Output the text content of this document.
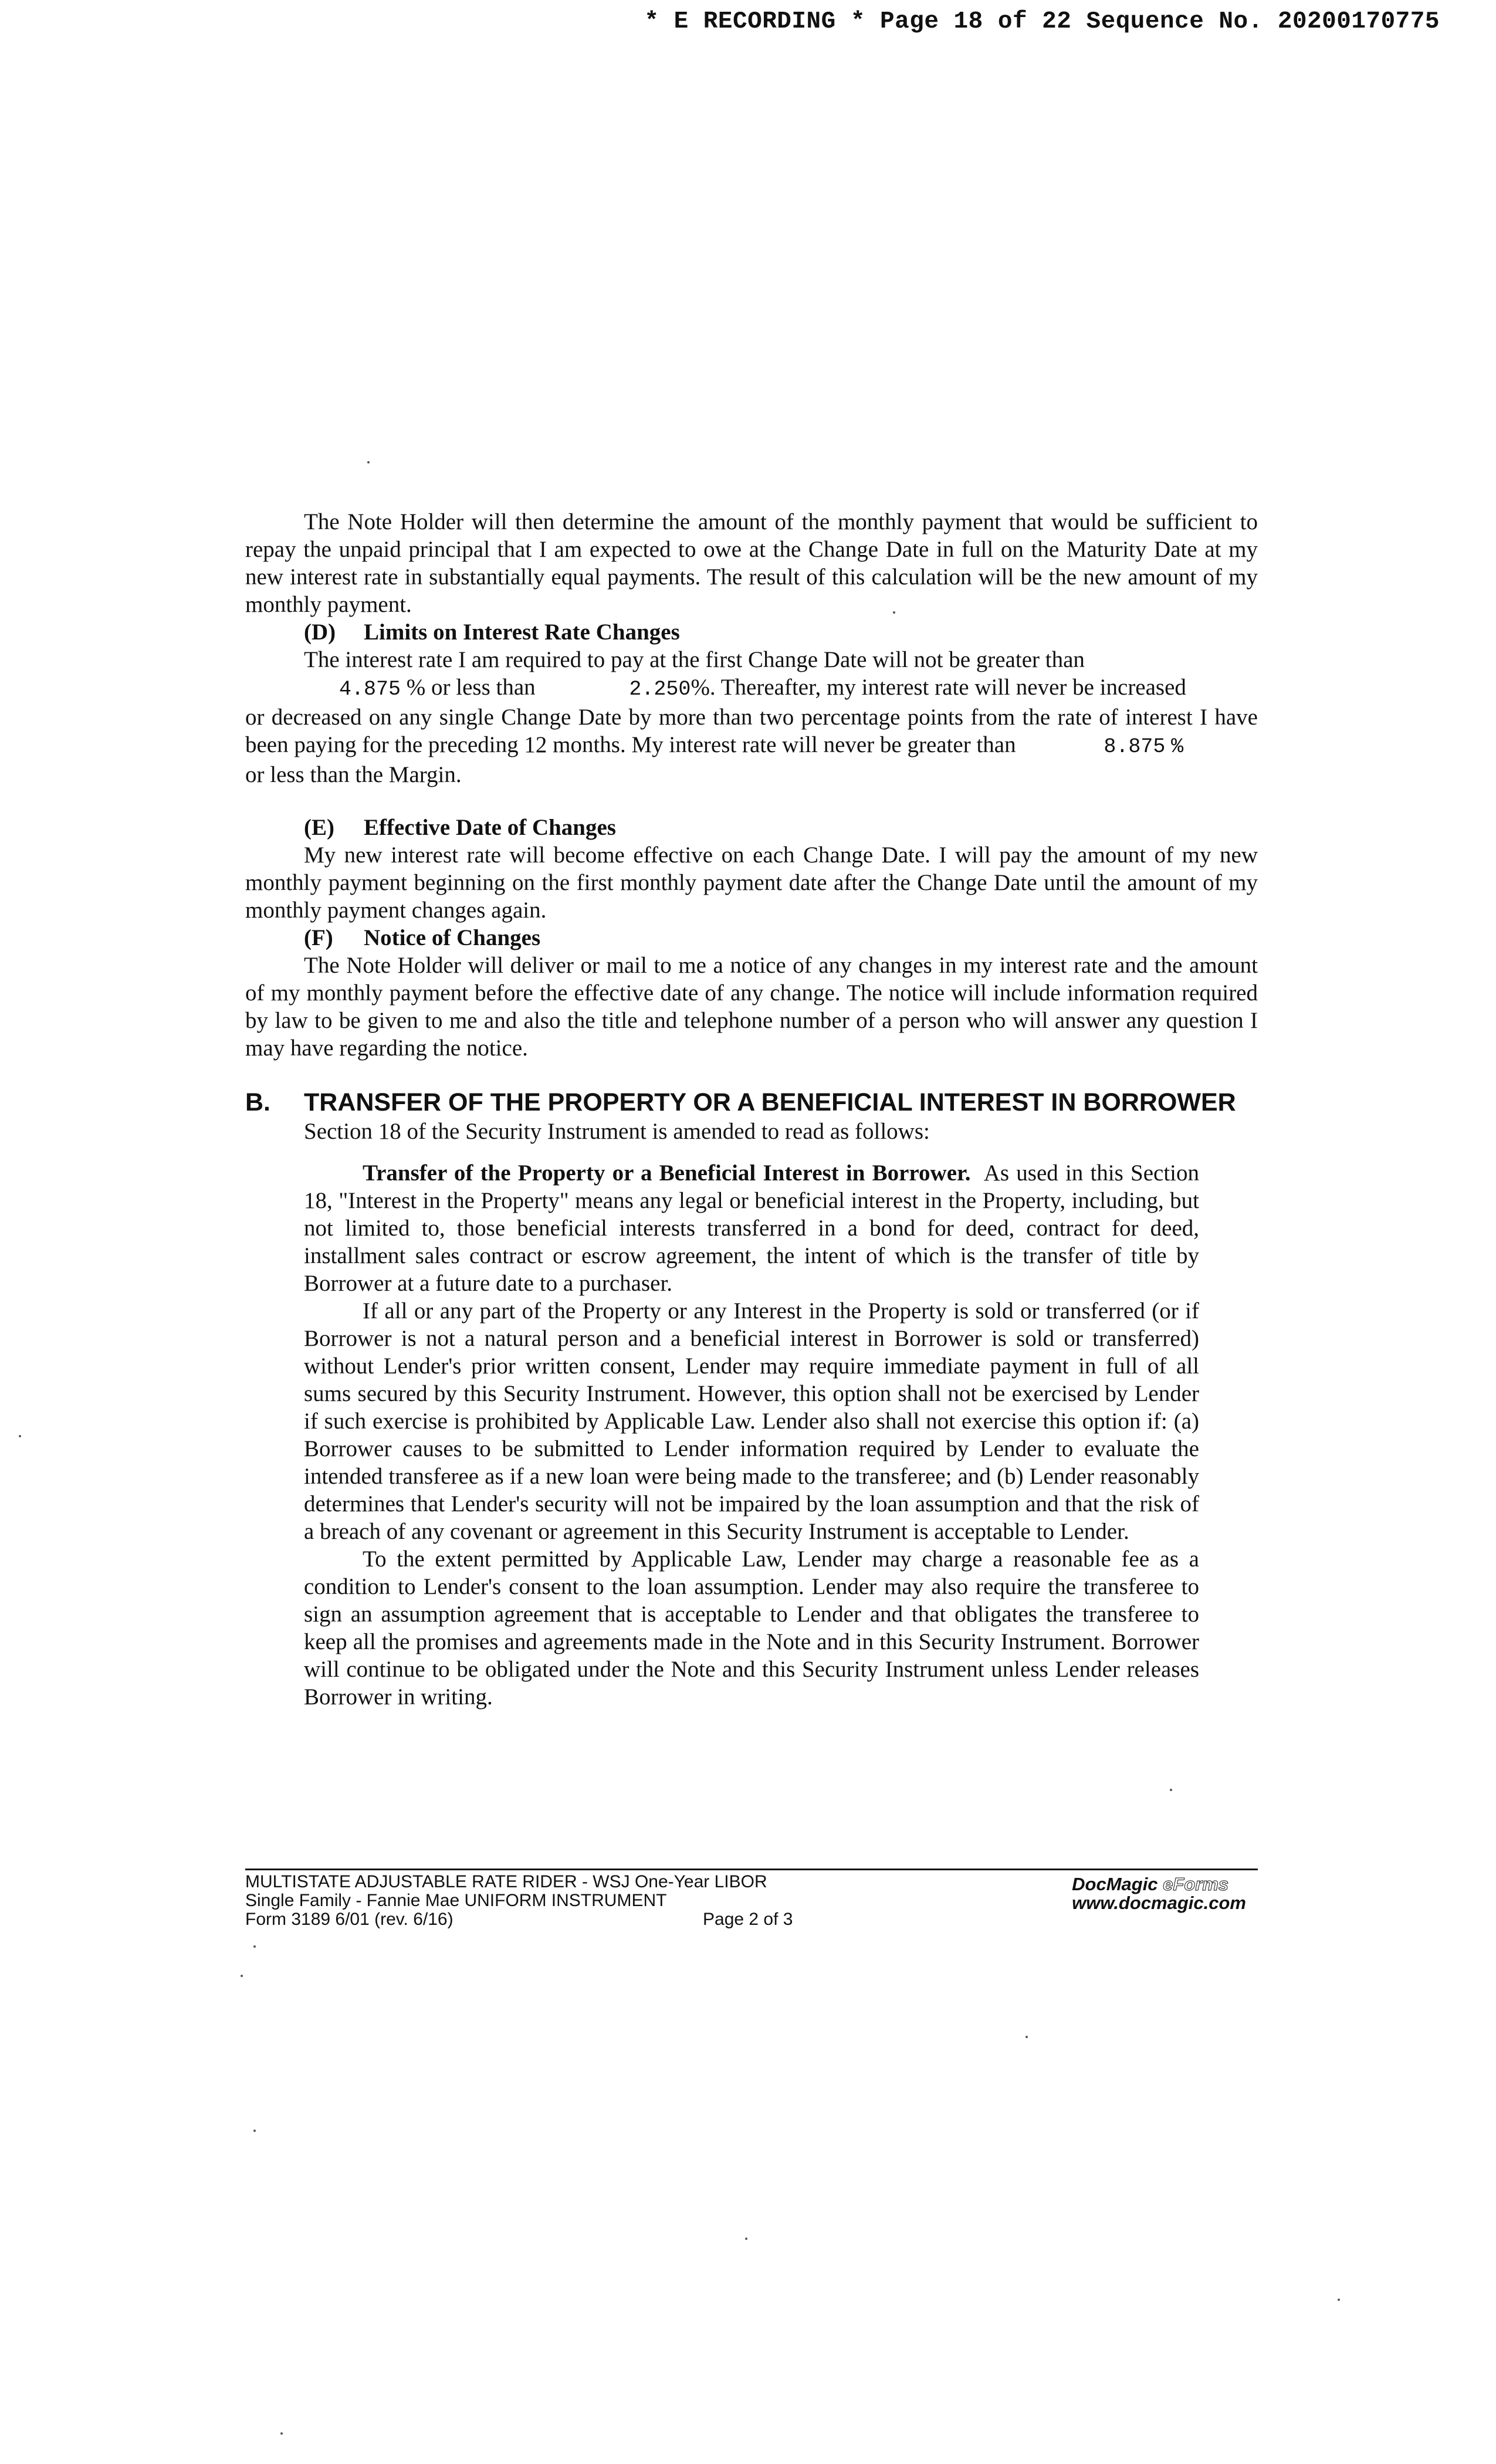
* E RECORDING * Page 18 of 22 Sequence No. 20200170775

The Note Holder will then determine the amount of the monthly payment that would be sufficient to repay the unpaid principal that I am expected to owe at the Change Date in full on the Maturity Date at my new interest rate in substantially equal payments. The result of this calculation will be the new amount of my monthly payment.

(D) Limits on Interest Rate Changes

The interest rate I am required to pay at the first Change Date will not be greater than

4.875 % or less than	2.250%. Thereafter, my interest rate will never be increased

or decreased on any single Change Date by more than two percentage points from the rate of interest I have been paying for the preceding 12 months. My interest rate will never be greater than	8.875 %

or less than the Margin.

(E) Effective Date of Changes

My new interest rate will become effective on each Change Date. I will pay the amount of my new monthly payment beginning on the first monthly payment date after the Change Date until the amount of my monthly payment changes again.

(F) Notice of Changes

The Note Holder will deliver or mail to me a notice of any changes in my interest rate and the amount of my monthly payment before the effective date of any change. The notice will include information required by law to be given to me and also the title and telephone number of a person who will answer any question I may have regarding the notice.

B.	TRANSFER OF THE PROPERTY OR A BENEFICIAL INTEREST IN BORROWER

Section 18 of the Security Instrument is amended to read as follows:

Transfer of the Property or a Beneficial Interest in Borrower. As used in this Section 18, "Interest in the Property" means any legal or beneficial interest in the Property, including, but not limited to, those beneficial interests transferred in a bond for deed, contract for deed, installment sales contract or escrow agreement, the intent of which is the transfer of title by Borrower at a future date to a purchaser.

If all or any part of the Property or any Interest in the Property is sold or transferred (or if Borrower is not a natural person and a beneficial interest in Borrower is sold or transferred) without Lender's prior written consent, Lender may require immediate payment in full of all sums secured by this Security Instrument. However, this option shall not be exercised by Lender if such exercise is prohibited by Applicable Law. Lender also shall not exercise this option if: (a) Borrower causes to be submitted to Lender information required by Lender to evaluate the intended transferee as if a new loan were being made to the transferee; and (b) Lender reasonably determines that Lender's security will not be impaired by the loan assumption and that the risk of a breach of any covenant or agreement in this Security Instrument is acceptable to Lender.

To the extent permitted by Applicable Law, Lender may charge a reasonable fee as a condition to Lender's consent to the loan assumption. Lender may also require the transferee to sign an assumption agreement that is acceptable to Lender and that obligates the transferee to keep all the promises and agreements made in the Note and in this Security Instrument. Borrower will continue to be obligated under the Note and this Security Instrument unless Lender releases Borrower in writing.

MULTISTATE ADJUSTABLE RATE RIDER - WSJ One-Year LIBOR
Single Family - Fannie Mae UNIFORM INSTRUMENT
Form 3189 6/01 (rev. 6/16)	Page 2 of 3
DocMagic eForms
www.docmagic.com
